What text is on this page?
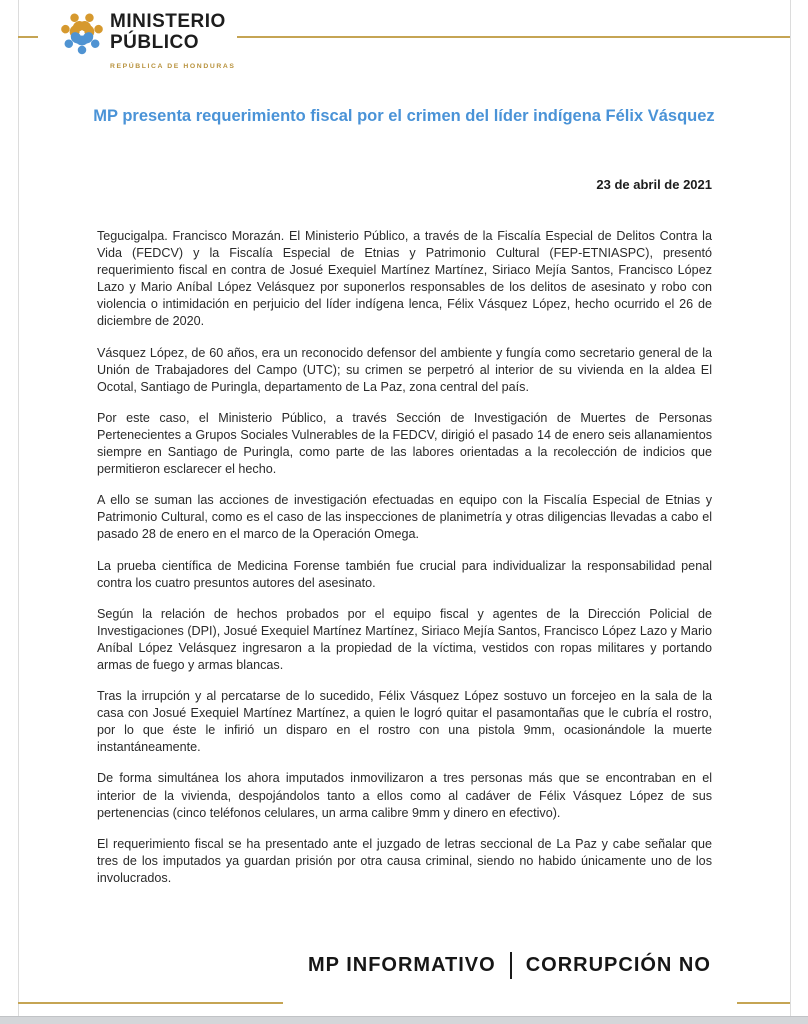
MINISTERIO
PÚBLICO
REPÚBLICA DE HONDURAS
MP presenta requerimiento fiscal por el crimen del líder indígena Félix Vásquez
23 de abril de 2021

Tegucigalpa. Francisco Morazán. El Ministerio Público, a través de la Fiscalía Especial de Delitos Contra la Vida (FEDCV) y la Fiscalía Especial de Etnias y Patrimonio Cultural (FEP-ETNIASPC), presentó requerimiento fiscal en contra de Josué Exequiel Martínez Martínez, Siriaco Mejía Santos, Francisco López Lazo y Mario Aníbal López Velásquez por suponerlos responsables de los delitos de asesinato y robo con violencia o intimidación en perjuicio del líder indígena lenca, Félix Vásquez López, hecho ocurrido el 26 de diciembre de 2020.

Vásquez López, de 60 años, era un reconocido defensor del ambiente y fungía como secretario general de la Unión de Trabajadores del Campo (UTC); su crimen se perpetró al interior de su vivienda en la aldea El Ocotal, Santiago de Puringla, departamento de La Paz, zona central del país.

Por este caso, el Ministerio Público, a través Sección de Investigación de Muertes de Personas Pertenecientes a Grupos Sociales Vulnerables de la FEDCV, dirigió el pasado 14 de enero seis allanamientos siempre en Santiago de Puringla, como parte de las labores orientadas a la recolección de indicios que permitieron esclarecer el hecho.

A ello se suman las acciones de investigación efectuadas en equipo con la Fiscalía Especial de Etnias y Patrimonio Cultural, como es el caso de las inspecciones de planimetría y otras diligencias llevadas a cabo el pasado 28 de enero en el marco de la Operación Omega.

La prueba científica de Medicina Forense también fue crucial para individualizar la responsabilidad penal contra los cuatro presuntos autores del asesinato.

Según la relación de hechos probados por el equipo fiscal y agentes de la Dirección Policial de Investigaciones (DPI), Josué Exequiel Martínez Martínez, Siriaco Mejía Santos, Francisco López Lazo y Mario Aníbal López Velásquez ingresaron a la propiedad de la víctima, vestidos con ropas militares y portando armas de fuego y armas blancas.

Tras la irrupción y al percatarse de lo sucedido, Félix Vásquez López sostuvo un forcejeo en la sala de la casa con Josué Exequiel Martínez Martínez, a quien le logró quitar el pasamontañas que le cubría el rostro, por lo que éste le infirió un disparo en el rostro con una pistola 9mm, ocasionándole la muerte instantáneamente.

De forma simultánea los ahora imputados inmovilizaron a tres personas más que se encontraban en el interior de la vivienda, despojándolos tanto a ellos como al cadáver de Félix Vásquez López de sus pertenencias (cinco teléfonos celulares, un arma calibre 9mm y dinero en efectivo).

El requerimiento fiscal se ha presentado ante el juzgado de letras seccional de La Paz y cabe señalar que tres de los imputados ya guardan prisión por otra causa criminal, siendo no habido únicamente uno de los involucrados.

MP INFORMATIVO CORRUPCIÓN NO
